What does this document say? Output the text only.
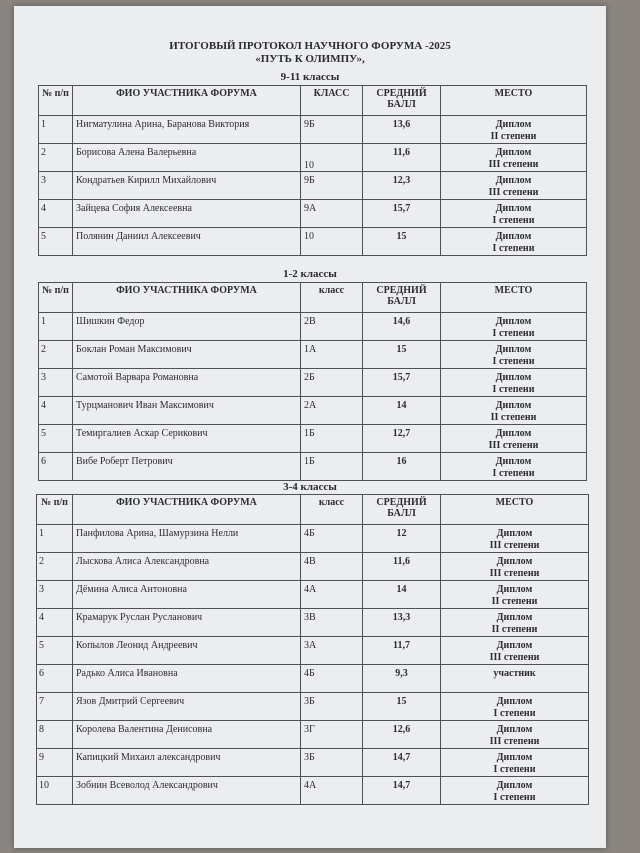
ИТОГОВЫЙ ПРОТОКОЛ НАУЧНОГО ФОРУМА -2025
«ПУТЬ К ОЛИМПУ»,
9-11 классы
№ п/п	ФИО УЧАСТНИКА ФОРУМА	КЛАСС	СРЕДНИЙ БАЛЛ	МЕСТО
1	Нигматулина Арина, Баранова Виктория	9Б	13,6	Диплом
II степени

2	Борисова Алена Валерьевна	10	11,6	Диплом
III степени

3	Кондратьев Кирилл Михайлович	9Б	12,3	Диплом
III степени

4	Зайцева София Алексеевна	9А	15,7	Диплом
I степени

5	Полянин Даниил Алексеевич	10	15	Диплом
I степени
1-2 классы
№ п/п	ФИО УЧАСТНИКА ФОРУМА	класс	СРЕДНИЙ БАЛЛ	МЕСТО
1	Шишкин Федор	2В	14,6	Диплом
I степени

2	Боклан Роман Максимович	1А	15	Диплом
I степени

3	Самотой Варвара Романовна	2Б	15,7	Диплом
I степени

4	Турцманович Иван Максимович	2А	14	Диплом
II степени

5	Темиргалиев Аскар Серикович	1Б	12,7	Диплом
III степени

6	Вибе Роберт Петрович	1Б	16	Диплом
I степени
3-4 классы
№ п/п	ФИО УЧАСТНИКА ФОРУМА	класс	СРЕДНИЙ БАЛЛ	МЕСТО
1	Панфилова Арина, Шамурзина Нелли	4Б	12	Диплом
III степени

2	Лыскова Алиса Александровна	4В	11,6	Диплом
III степени

3	Дёмина Алиса Антоновна	4А	14	Диплом
II степени

4	Крамарук Руслан Русланович	3В	13,3	Диплом
II степени

5	Копылов Леонид Андреевич	3А	11,7	Диплом
III степени

6	Радько Алиса Ивановна	4Б	9,3	участник

7	Язов Дмитрий Сергеевич	3Б	15	Диплом
I степени

8	Королева Валентина Денисовна	3Г	12,6	Диплом
III степени

9	Капицкий Михаил александрович	3Б	14,7	Диплом
I степени

10	Зобнин Всеволод Александрович	4А	14,7	Диплом
I степени
